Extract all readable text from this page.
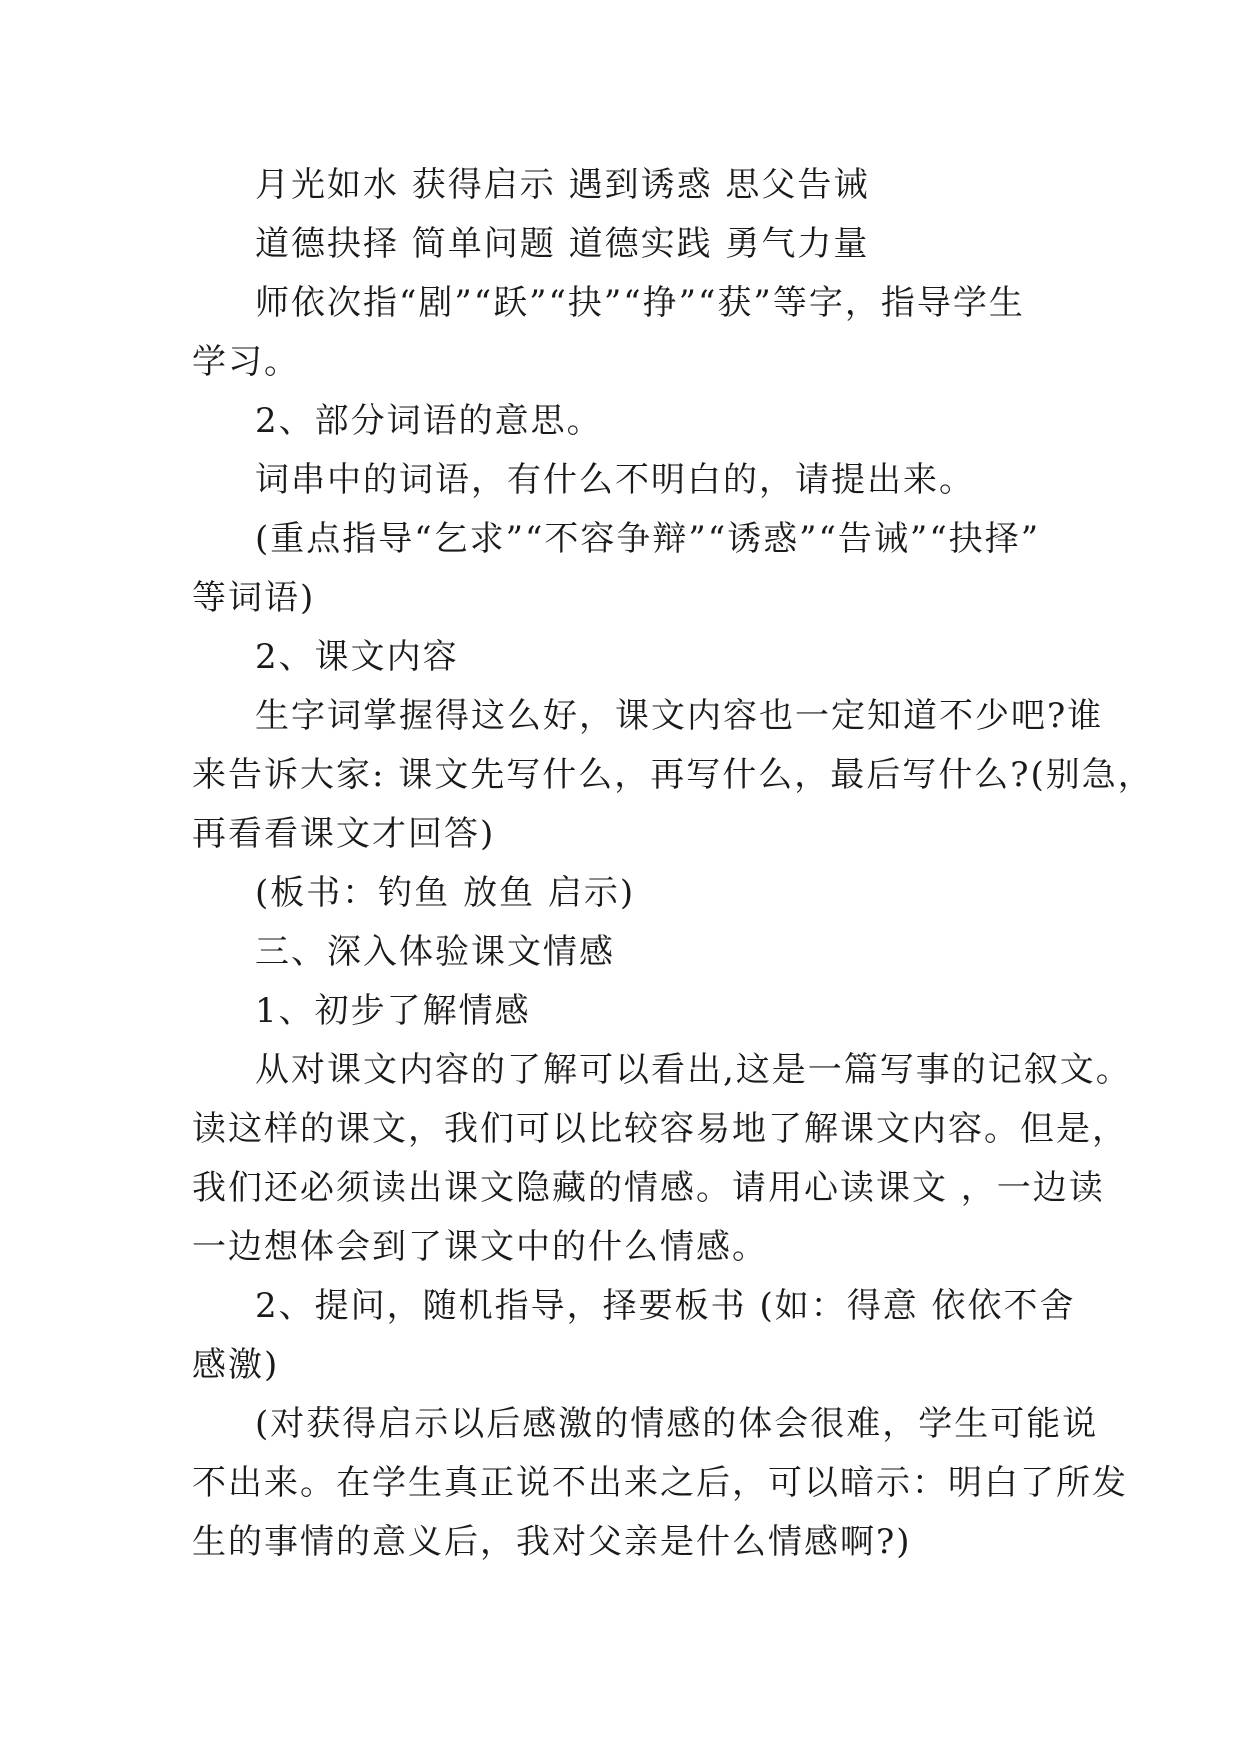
月光如水 获得启示 遇到诱惑 思父告诫
道德抉择 简单问题 道德实践 勇气力量
师依次指“剧”“跃”“抉”“挣”“获”等字，指导学生
学习。
2、部分词语的意思。
词串中的词语，有什么不明白的，请提出来。
(重点指导“乞求”“不容争辩”“诱惑”“告诫”“抉择”
等词语)
2、课文内容
生字词掌握得这么好，课文内容也一定知道不少吧?谁
来告诉大家: 课文先写什么，再写什么，最后写什么?(别急，
再看看课文才回答)
(板书：钓鱼 放鱼 启示)
三、深入体验课文情感
1、初步了解情感
从对课文内容的了解可以看出,这是一篇写事的记叙文。
读这样的课文，我们可以比较容易地了解课文内容。但是，
我们还必须读出课文隐藏的情感。请用心读课文 ，一边读
一边想体会到了课文中的什么情感。
2、提问，随机指导，择要板书 (如：得意 依依不舍
感激)
(对获得启示以后感激的情感的体会很难，学生可能说
不出来。在学生真正说不出来之后，可以暗示：明白了所发
生的事情的意义后，我对父亲是什么情感啊?)
